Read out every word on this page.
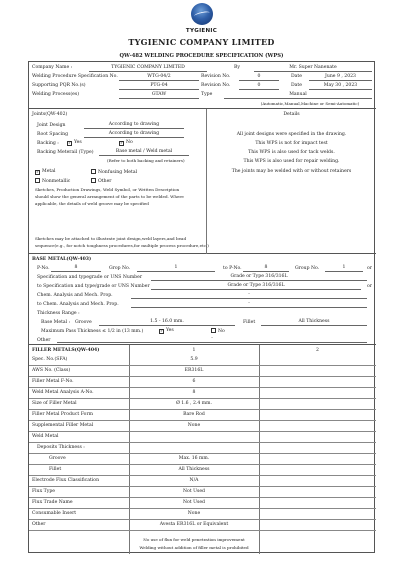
TYGIENIC
TYGIENIC COMPANY LIMITED
QW-482 WELDING PROCEDURE SPECIFICATION (WPS)
Company Name :	TYGIENIC COMPANY LIMITED	By	Mr. Super Nanenate
Welding Procedure Specification No.	WTG-04/2	Revision No.	0	Date	June 9 , 2023
Supporting PQR No.(s)	PTG-04	Revision No.	0	Date	May 30 , 2023
Welding Process(es)	GTAW	Type	Manual
(Automatic,Manual,Machine or Semi-Automatic)
Joints(QW-402)
Joint Design	According to drawing
Root Spacing	According to drawing
Backing : ✓ Yes	✓ No
Backing Meterail (Type)	Base metal / Weld metal
(Refer to both backing and retainers)
✓ Metal	Nonfusing Metal
Nonmetallic	Other
Sketches, Production Drawings, Weld Symbol, or Written Description
should show the general arrangement of the parts to be welded. Where
applicable, the details of weld groove may be specified
Sketches may be attached to illustrate joint design,weld layers,and bead
sequence(e.g., for notch toughness procedures,for multiple process procedure,etc.)
Details
All joint designs were specified in the drawing.
This WPS is not for impact test
This WPS is also used for tack welds.
This WPS is also used for repair welding.
The joints may be welded with or without retainers
BASE METAL(QW-403)
P-No.	8	Grop No.	1	to P-No.	8	Group No.	1	or
Specification and typegrade or UNS Number	Grade or Type 316/316L
to Specification and type/grade or UNS Number	Grade or Type 316/316L	or
Chem. Analysis and Mech. Prop.	-
to Chem. Analysis and Mech. Prop.	-
Thickness Range :
Base Metal : Groove	1.5 - 16.0 mm.	Fillet	All Thickness
Maximum Pass Thickness ≤ 1/2 in (13 mm.)	✓ Yes	No
Other	-
FILLER METALS(QW-404)	1	2
Spec. No.(SFA)	5.9
AWS No. (Class)	ER316L
Filler Metal F-No.	6
Weld Metal Analysis A-No.	8
Size of Filler Metal	Ø 1.6 , 2.4 mm.
Filler Metal Product Form	Bare Rod
Supplemental Filler Metal	None
Weld Metal
Deposits Thickness :
Groove	Max. 16 mm.
Fillet	All Thickness
Electrode Flux Classification	N/A
Flux Type	Not Used
Flux Trade Name	Not Used
Consumable Insert	None
Other	Avesta ER316L or Equivalent
No use of flux for weld penetration improvement
Welding without addition of filler metal is prohibited
